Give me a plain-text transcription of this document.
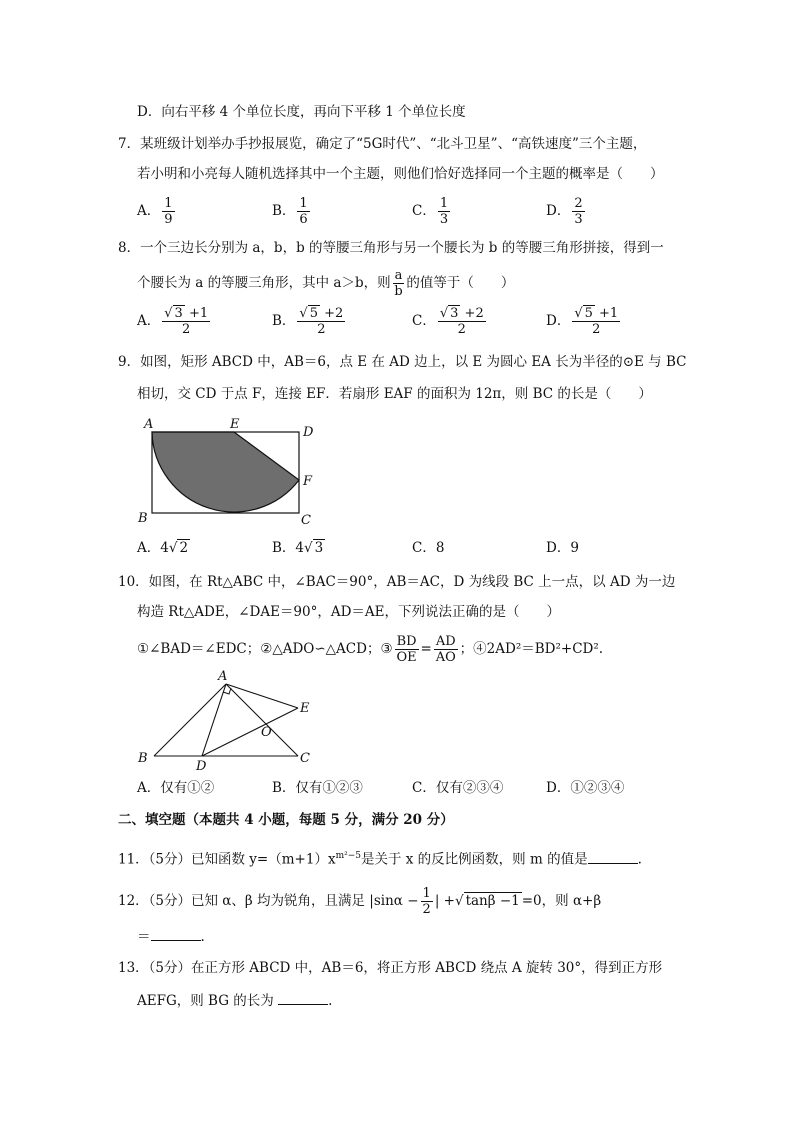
D．向右平移 4 个单位长度，再向下平移 1 个单位长度
7．某班级计划举办手抄报展览，确定了“5G时代”、“北斗卫星”、“高铁速度”三个主题，
若小明和小亮每人随机选择其中一个主题，则他们恰好选择同一个主题的概率是（　　）
A． $\frac{1}{9}$	B． $\frac{1}{6}$	C． $\frac{1}{3}$	D． $\frac{2}{3}$
8．一个三边长分别为 a，b，b 的等腰三角形与另一个腰长为 b 的等腰三角形拼接，得到一
个腰长为 a 的等腰三角形，其中 a＞b，则 $\frac{a}{b}$ 的值等于（　　）
A． $\frac{√ 3 +1}{2}$	B． $\frac{√ 5 +2}{2}$	C． $\frac{√ 3 +2}{2}$	D． $\frac{√ 5 +1}{2}$
9．如图，矩形 ABCD 中，AB＝6，点 E 在 AD 边上，以 E 为圆心 EA 长为半径的⊙E 与 BC
相切，交 CD 于点 F，连接 EF．若扇形 EAF 的面积为 12π，则 BC 的长是（　　）
A	E
D
F
B	C
A．4√ 2	B．4√ 3	C．8	D．9
10．如图，在 Rt△ABC 中，∠BAC＝90°，AB＝AC，D 为线段 BC 上一点，以 AD 为一边
构造 Rt△ADE，∠DAE＝90°，AD＝AE，下列说法正确的是（　　）
①∠BAD＝∠EDC；②△ADO∽△ACD；③ $\frac{BD}{OE} = \frac{AD}{AO}$ ；④2AD²＝BD²+CD².
A
E
O
B
D
C
A．仅有①②	B．仅有①②③	C．仅有②③④	D．①②③④
二、填空题（本题共 4 小题，每题 5 分，满分 20 分）
11．（5分）已知函数 $y=(m+1)x^{m^2-5}$是关于 x 的反比例函数，则 m 的值是	.
12．（5分）已知 α、β 均为锐角，且满足 $|\sin\alpha - \frac{1}{2}$ | +√ tanβ −1 =0，则 α+β
＝	.
13．（5分）在正方形 ABCD 中，AB＝6，将正方形 ABCD 绕点 A 旋转 30°，得到正方形
AEFG，则 BG 的长为	.
